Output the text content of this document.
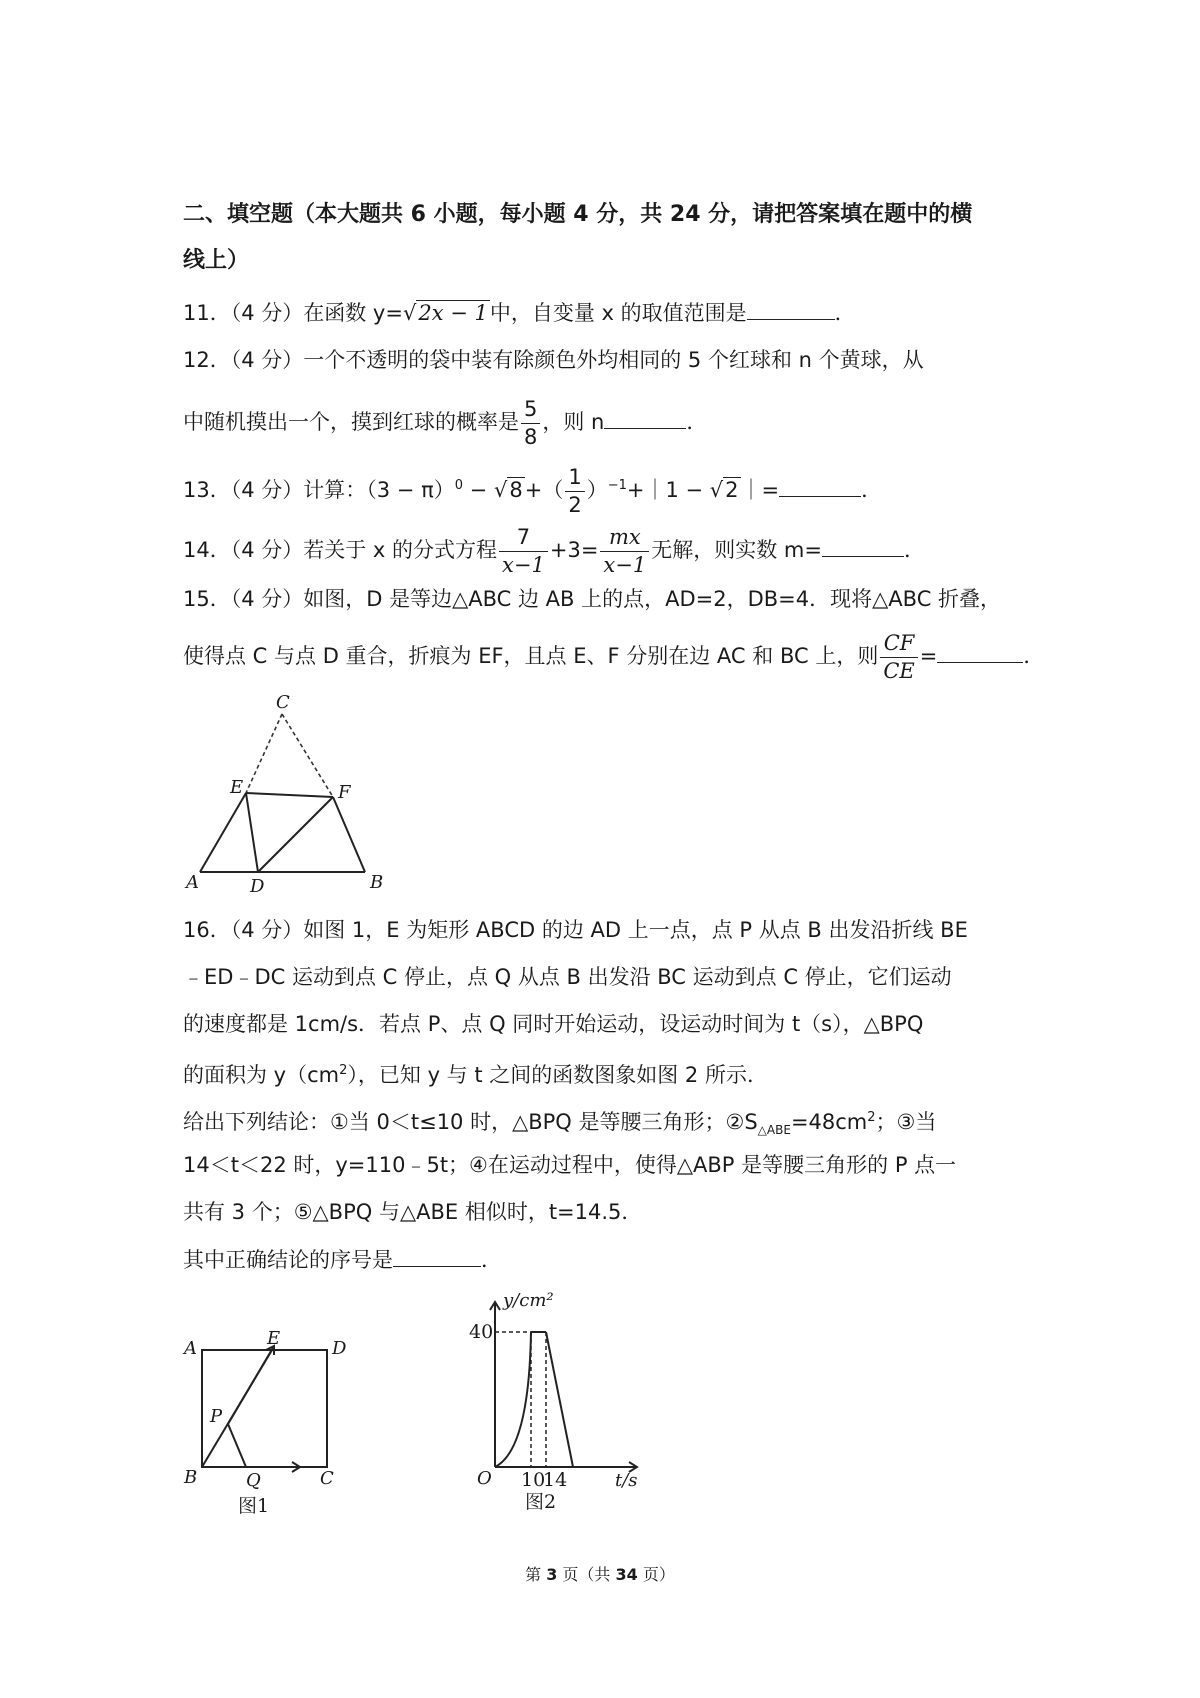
二、填空题（本大题共 6 小题，每小题 4 分，共 24 分，请把答案填在题中的横
线上）
11．（4 分）在函数 y=√2x − 1中，自变量 x 的取值范围是	．
12．（4 分）一个不透明的袋中装有除颜色外均相同的 5 个红球和 n 个黄球，从
中随机摸出一个，摸到红球的概率是 $\frac{5}{8}$ ，则 n	．
13．（4 分）计算：$(3 - \pi)^0 - √8+( \frac{1}{2}$ ）$^{-1}+|1$ − √2｜=	．
14．（4 分）若关于 x 的分式方程 $\frac{7}{x-1} +3= \frac{mx}{x-1}$ 无解，则实数 m=	．
15．（4 分）如图，D 是等边△ABC 边 AB 上的点，AD=2，DB=4．现将△ABC 折叠，
使得点 C 与点 D 重合，折痕为 EF，且点 E、F 分别在边 AC 和 BC 上，则 $\frac{CF}{CE}$ =	．
C
E	F
A	D	B
16．（4 分）如图 1，E 为矩形 ABCD 的边 AD 上一点，点 P 从点 B 出发沿折线 BE
﹣ED﹣DC 运动到点 C 停止，点 Q 从点 B 出发沿 BC 运动到点 C 停止，它们运动
的速度都是 1cm/s．若点 P、点 Q 同时开始运动，设运动时间为 t（s），△BPQ
的面积为 $y(cm^2)$，已知 y 与 t 之间的函数图象如图 2 所示．
给出下列结论：①当 0＜t≤10 时，△BPQ 是等腰三角形；$②S_{\triangle ABE}=48cm^2$；③当
14＜t＜22 时，y=110﹣5t；④在运动过程中，使得△ABP 是等腰三角形的 P 点一
共有 3 个；⑤△BPQ 与△ABE 相似时，t=14.5．
其中正确结论的序号是	．
A	E	D
P
B	Q	C
图1
y/cm²
40
O 10
14	t/s
图2
第 3 页（共 34 页）
